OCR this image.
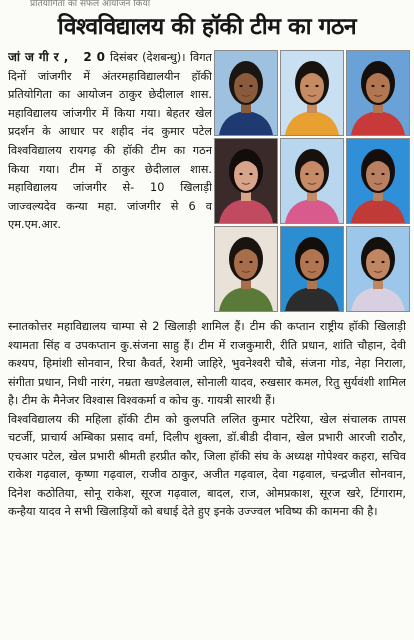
प्रतियोगिता का सफल आयोजन किया
विश्वविद्यालय की हॉकी टीम का गठन
जांजगीर, 20दिसंबर (देशबन्धु)। विगत दिनों जांजगीर में अंतरमहाविद्यालयीन हॉकी प्रतियोगिता का आयोजन ठाकुर छेदीलाल शास. महाविद्यालय जांजगीर में किया गया। बेहतर खेल प्रदर्शन के आधार पर शहीद नंद कुमार पटेल विश्वविद्यालय रायगढ़ की हॉकी टीम का गठन किया गया। टीम में ठाकुर छेदीलाल शास. महाविद्यालय जांजगीर से- 10 खिलाड़ी जाज्वल्यदेव कन्या महा. जांजगीर से 6 व एम.एम.आर.

स्नातकोत्तर महाविद्यालय चाम्पा से 2 खिलाड़ी शामिल हैं। टीम की कप्तान राष्ट्रीय हॉकी खिलाड़ी श्यामता सिंह व उपकप्तान कु.संजना साहु हैं। टीम में राजकुमारी, रीति प्रधान, शांति चौहान, देवी कश्यप, हिमांशी सोनवान, रिचा कैवर्त, रेशमी जाहिरे, भुवनेश्वरी चौबे, संजना गोड, नेहा निराला, संगीता प्रधान, निधी नारंग, नम्रता खण्डेलवाल, सोनाली यादव, रुखसार कमल, रितु सुर्यवंशी शामिल है। टीम के मैनेजर विश्वास विश्वकर्मा व कोच कु. गायत्री सारथी हैं।

विश्वविद्यालय की महिला हॉकी टीम को कुलपति ललित कुमार पटेरिया, खेल संचालक तापस चटर्जी, प्राचार्य अम्बिका प्रसाद वर्मा, दिलीप शुक्ला, डॉ.बीडी दीवान, खेल प्रभारी आरजी राठौर, एचआर पटेल, खेल प्रभारी श्रीमती हरप्रीत कौर, जिला हॉकी संघ के अध्यक्ष गोपेश्वर कहरा, सचिव राकेश गढ़वाल, कृष्णा गढ़वाल, राजीव ठाकुर, अजीत गढ़वाल, देवा गढ़वाल, चन्द्रजीत सोनवान, दिनेश कठोतिया, सोनू राकेश, सूरज गढ़वाल, बादल, राज, ओमप्रकाश, सूरज खरे, टिंगाराम, कन्हैया यादव ने सभी खिलाड़ियों को बधाई देते हुए इनके उज्ज्वल भविष्य की कामना की है।
